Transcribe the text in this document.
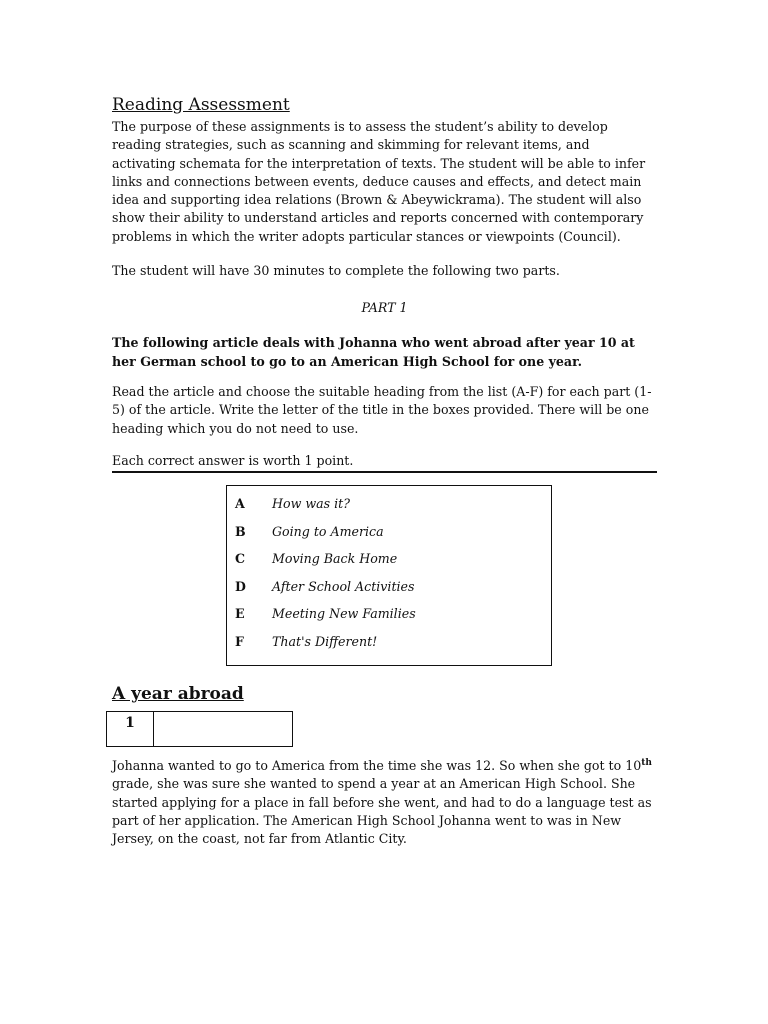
Reading Assessment

The purpose of these assignments is to assess the student’s ability to develop reading strategies, such as scanning and skimming for relevant items, and activating schemata for the interpretation of texts. The student will be able to infer links and connections between events, deduce causes and effects, and detect main idea and supporting idea relations (Brown & Abeywickrama). The student will also show their ability to understand articles and reports concerned with contemporary problems in which the writer adopts particular stances or viewpoints (Council).

The student will have 30 minutes to complete the following two parts.

PART 1

The following article deals with Johanna who went abroad after year 10 at her German school to go to an American High School for one year.

Read the article and choose the suitable heading from the list (A-F) for each part (1-5) of the article. Write the letter of the title in the boxes provided. There will be one heading which you do not need to use.

Each correct answer is worth 1 point.

A	How was it?
B	Going to America
C	Moving Back Home
D	After School Activities
E	Meeting New Families
F	That's Different!
A year abroad
1

Johanna wanted to go to America from the time she was 12. So when she got to 10th grade, she was sure she wanted to spend a year at an American High School. She started applying for a place in fall before she went, and had to do a language test as part of her application. The American High School Johanna went to was in New Jersey, on the coast, not far from Atlantic City.
